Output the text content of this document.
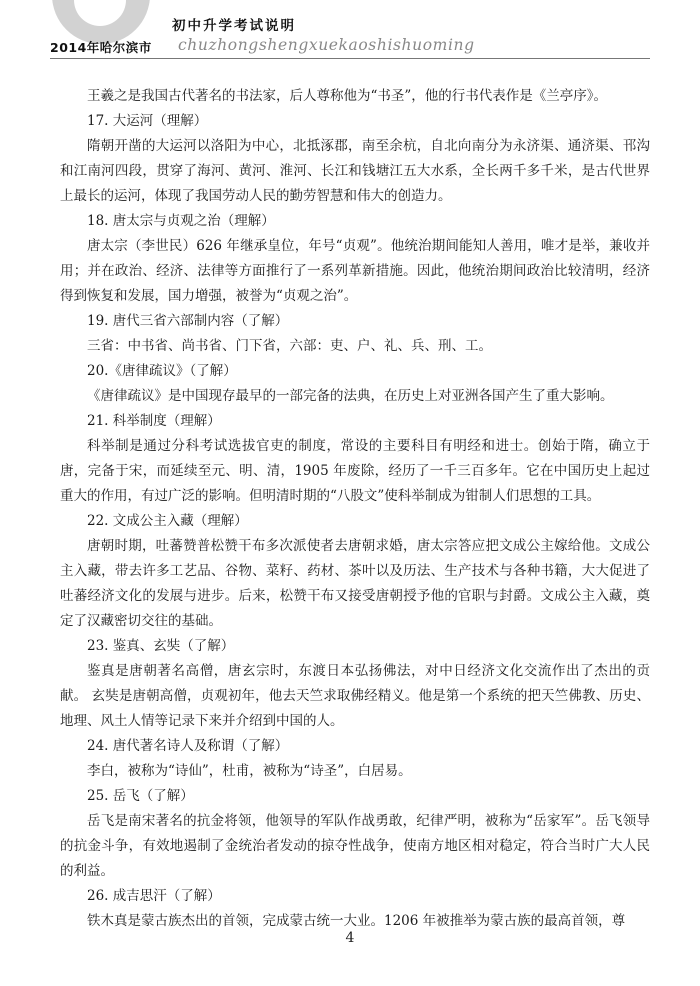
2014年哈尔滨市
初中升学考试说明
chuzhongshengxuekaoshishuoming

王羲之是我国古代著名的书法家，后人尊称他为“书圣”，他的行书代表作是《兰亭序》。

17. 大运河（理解）

隋朝开凿的大运河以洛阳为中心，北抵涿郡，南至余杭，自北向南分为永济渠、通济渠、邗沟和江南河四段，贯穿了海河、黄河、淮河、长江和钱塘江五大水系，全长两千多千米，是古代世界上最长的运河，体现了我国劳动人民的勤劳智慧和伟大的创造力。

18. 唐太宗与贞观之治（理解）

唐太宗（李世民）626 年继承皇位，年号“贞观”。他统治期间能知人善用，唯才是举，兼收并用；并在政治、经济、法律等方面推行了一系列革新措施。因此，他统治期间政治比较清明，经济得到恢复和发展，国力增强，被誉为“贞观之治”。

19. 唐代三省六部制内容（了解）

三省：中书省、尚书省、门下省，六部：吏、户、礼、兵、刑、工。

20.《唐律疏议》（了解）

《唐律疏议》是中国现存最早的一部完备的法典，在历史上对亚洲各国产生了重大影响。

21. 科举制度（理解）

科举制是通过分科考试选拔官吏的制度，常设的主要科目有明经和进士。创始于隋，确立于唐，完备于宋，而延续至元、明、清，1905 年废除，经历了一千三百多年。它在中国历史上起过重大的作用，有过广泛的影响。但明清时期的“八股文”使科举制成为钳制人们思想的工具。

22. 文成公主入藏（理解）

唐朝时期，吐蕃赞普松赞干布多次派使者去唐朝求婚，唐太宗答应把文成公主嫁给他。文成公主入藏，带去许多工艺品、谷物、菜籽、药材、茶叶以及历法、生产技术与各种书籍，大大促进了吐蕃经济文化的发展与进步。后来，松赞干布又接受唐朝授予他的官职与封爵。文成公主入藏，奠定了汉藏密切交往的基础。

23. 鉴真、玄奘（了解）

鉴真是唐朝著名高僧，唐玄宗时，东渡日本弘扬佛法，对中日经济文化交流作出了杰出的贡献。 玄奘是唐朝高僧，贞观初年，他去天竺求取佛经精义。他是第一个系统的把天竺佛教、历史、地理、风土人情等记录下来并介绍到中国的人。

24. 唐代著名诗人及称谓（了解）

李白，被称为“诗仙”，杜甫，被称为“诗圣”，白居易。

25. 岳飞（了解）

岳飞是南宋著名的抗金将领，他领导的军队作战勇敢，纪律严明，被称为“岳家军”。岳飞领导的抗金斗争，有效地遏制了金统治者发动的掠夺性战争，使南方地区相对稳定，符合当时广大人民的利益。

26. 成吉思汗（了解）

铁木真是蒙古族杰出的首领，完成蒙古统一大业。1206 年被推举为蒙古族的最高首领，尊

4
